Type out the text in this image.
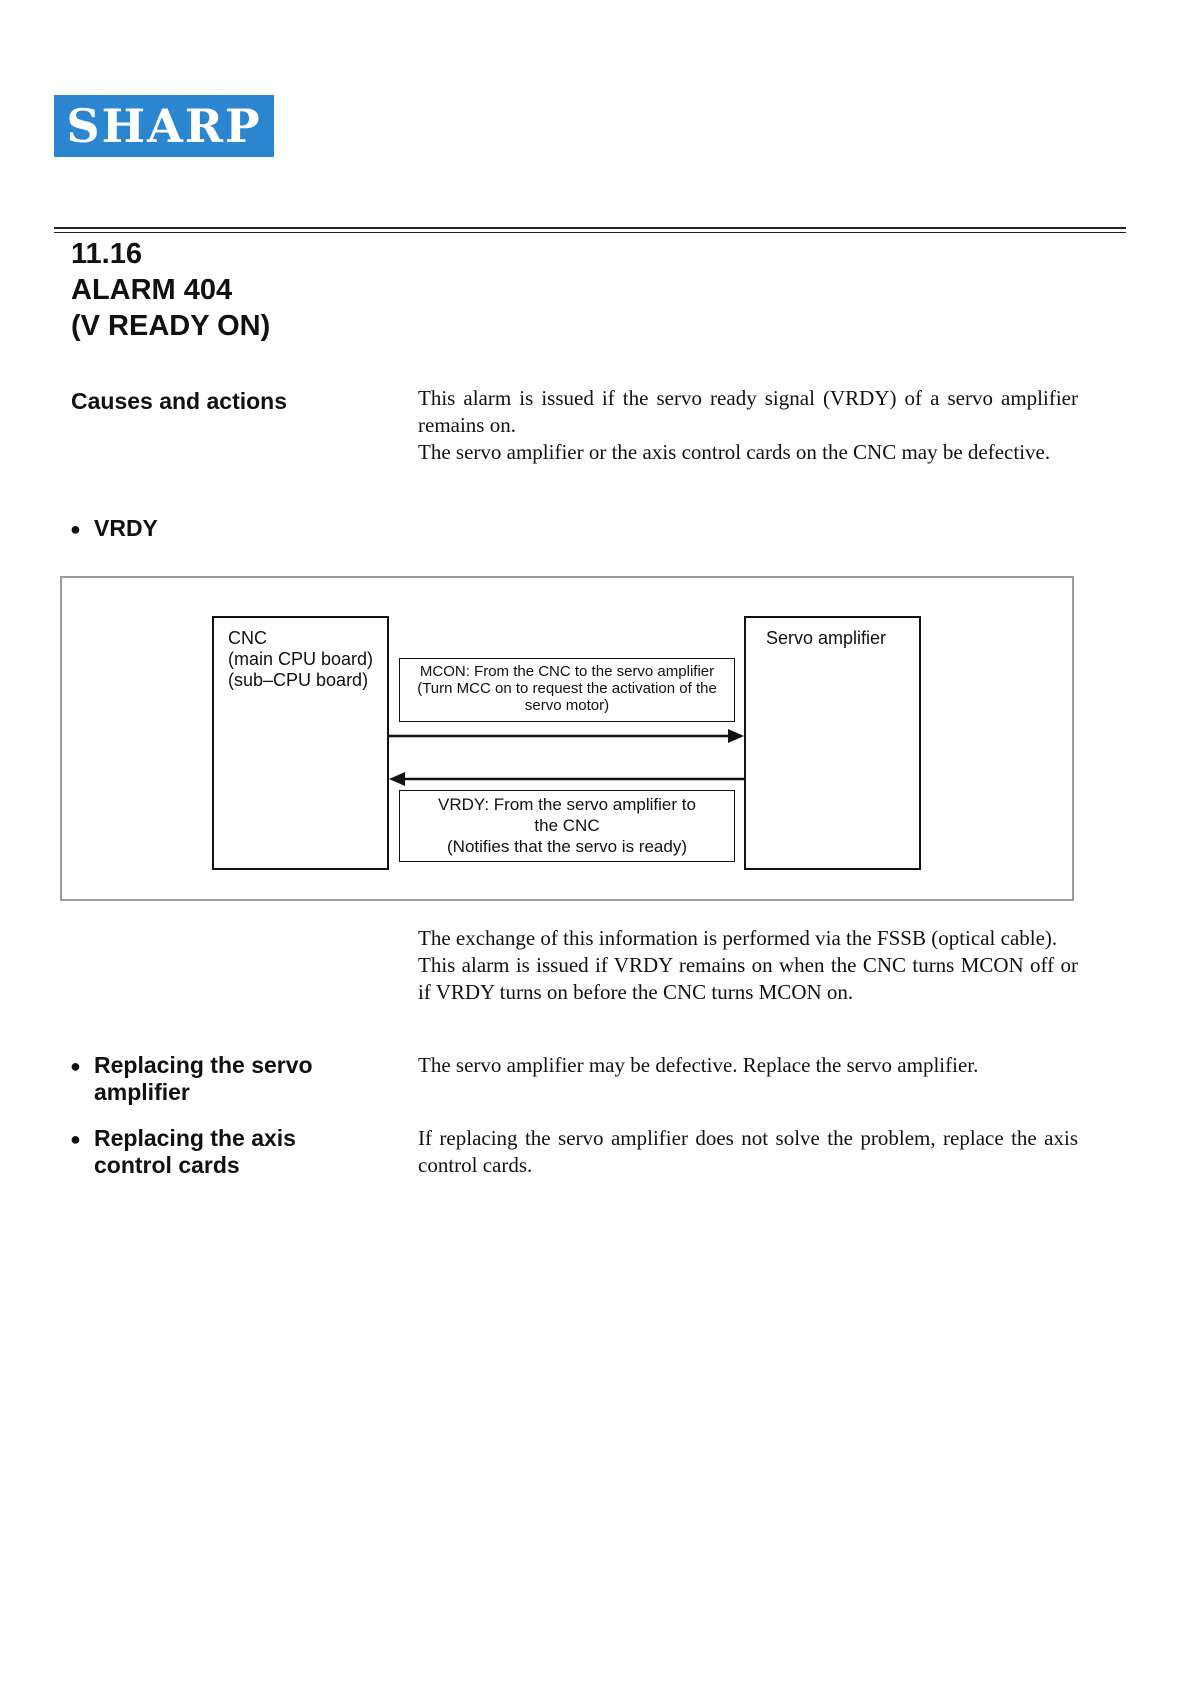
SHARP
11.16
ALARM 404
(V READY ON)
Causes and actions	This alarm is issued if the servo ready signal (VRDY) of a servo amplifier remains on.

The servo amplifier or the axis control cards on the CNC may be defective.

● VRDY
CNC
(main CPU board)
(sub–CPU board)
Servo amplifier
MCON: From the CNC to the servo amplifier
(Turn MCC on to request the activation of the
servo motor)
VRDY: From the servo amplifier to
the CNC
(Notifies that the servo is ready)

The exchange of this information is performed via the FSSB (optical cable).

This alarm is issued if VRDY remains on when the CNC turns MCON off or if VRDY turns on before the CNC turns MCON on.

● Replacing the servo
amplifier
The servo amplifier may be defective. Replace the servo amplifier.
● Replacing the axis
control cards
If replacing the servo amplifier does not solve the problem, replace the axis control cards.
